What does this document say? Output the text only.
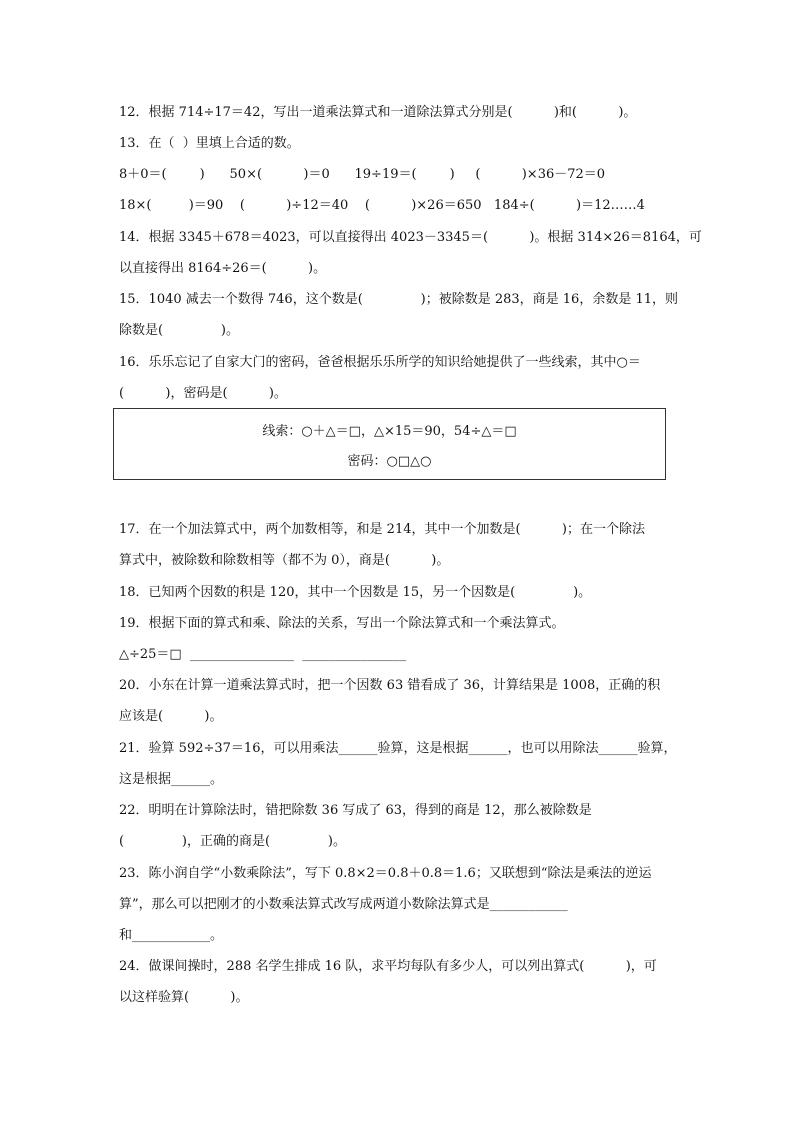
12．根据 714÷17＝42，写出一道乘法算式和一道除法算式分别是(          )和(          )。
13．在（  ）里填上合适的数。
8＋0＝(        )      50×(          )＝0      19÷19＝(        )     (          )×36－72＝0
18×(         )＝90    (          )÷12＝40    (          )×26＝650   184÷(          )＝12……4
14．根据 3345＋678＝4023，可以直接得出 4023－3345＝(          )。根据 314×26＝8164，可
以直接得出 8164÷26＝(          )。
15．1040 减去一个数得 746，这个数是(              )；被除数是 283，商是 16，余数是 11，则
除数是(              )。
16．乐乐忘记了自家大门的密码，爸爸根据乐乐所学的知识给她提供了一些线索，其中○＝
(          )，密码是(          )。
线索：○＋△＝□，△×15＝90，54÷△＝□
密码：○□△○
17．在一个加法算式中，两个加数相等，和是 214，其中一个加数是(          )；在一个除法
算式中，被除数和除数相等（都不为 0），商是(          )。
18．已知两个因数的积是 120，其中一个因数是 15，另一个因数是(              )。
19．根据下面的算式和乘、除法的关系，写出一个除法算式和一个乘法算式。
△÷25＝□  ________________  ________________
20．小东在计算一道乘法算式时，把一个因数 63 错看成了 36，计算结果是 1008，正确的积
应该是(          )。
21．验算 592÷37＝16，可以用乘法______验算，这是根据______，也可以用除法______验算，
这是根据______。
22．明明在计算除法时，错把除数 36 写成了 63，得到的商是 12，那么被除数是
(              )，正确的商是(              )。
23．陈小润自学“小数乘除法”，写下 0.8×2＝0.8＋0.8＝1.6；又联想到“除法是乘法的逆运
算”，那么可以把刚才的小数乘法算式改写成两道小数除法算式是____________
和____________。
24．做课间操时，288 名学生排成 16 队，求平均每队有多少人，可以列出算式(          )，可
以这样验算(          )。
